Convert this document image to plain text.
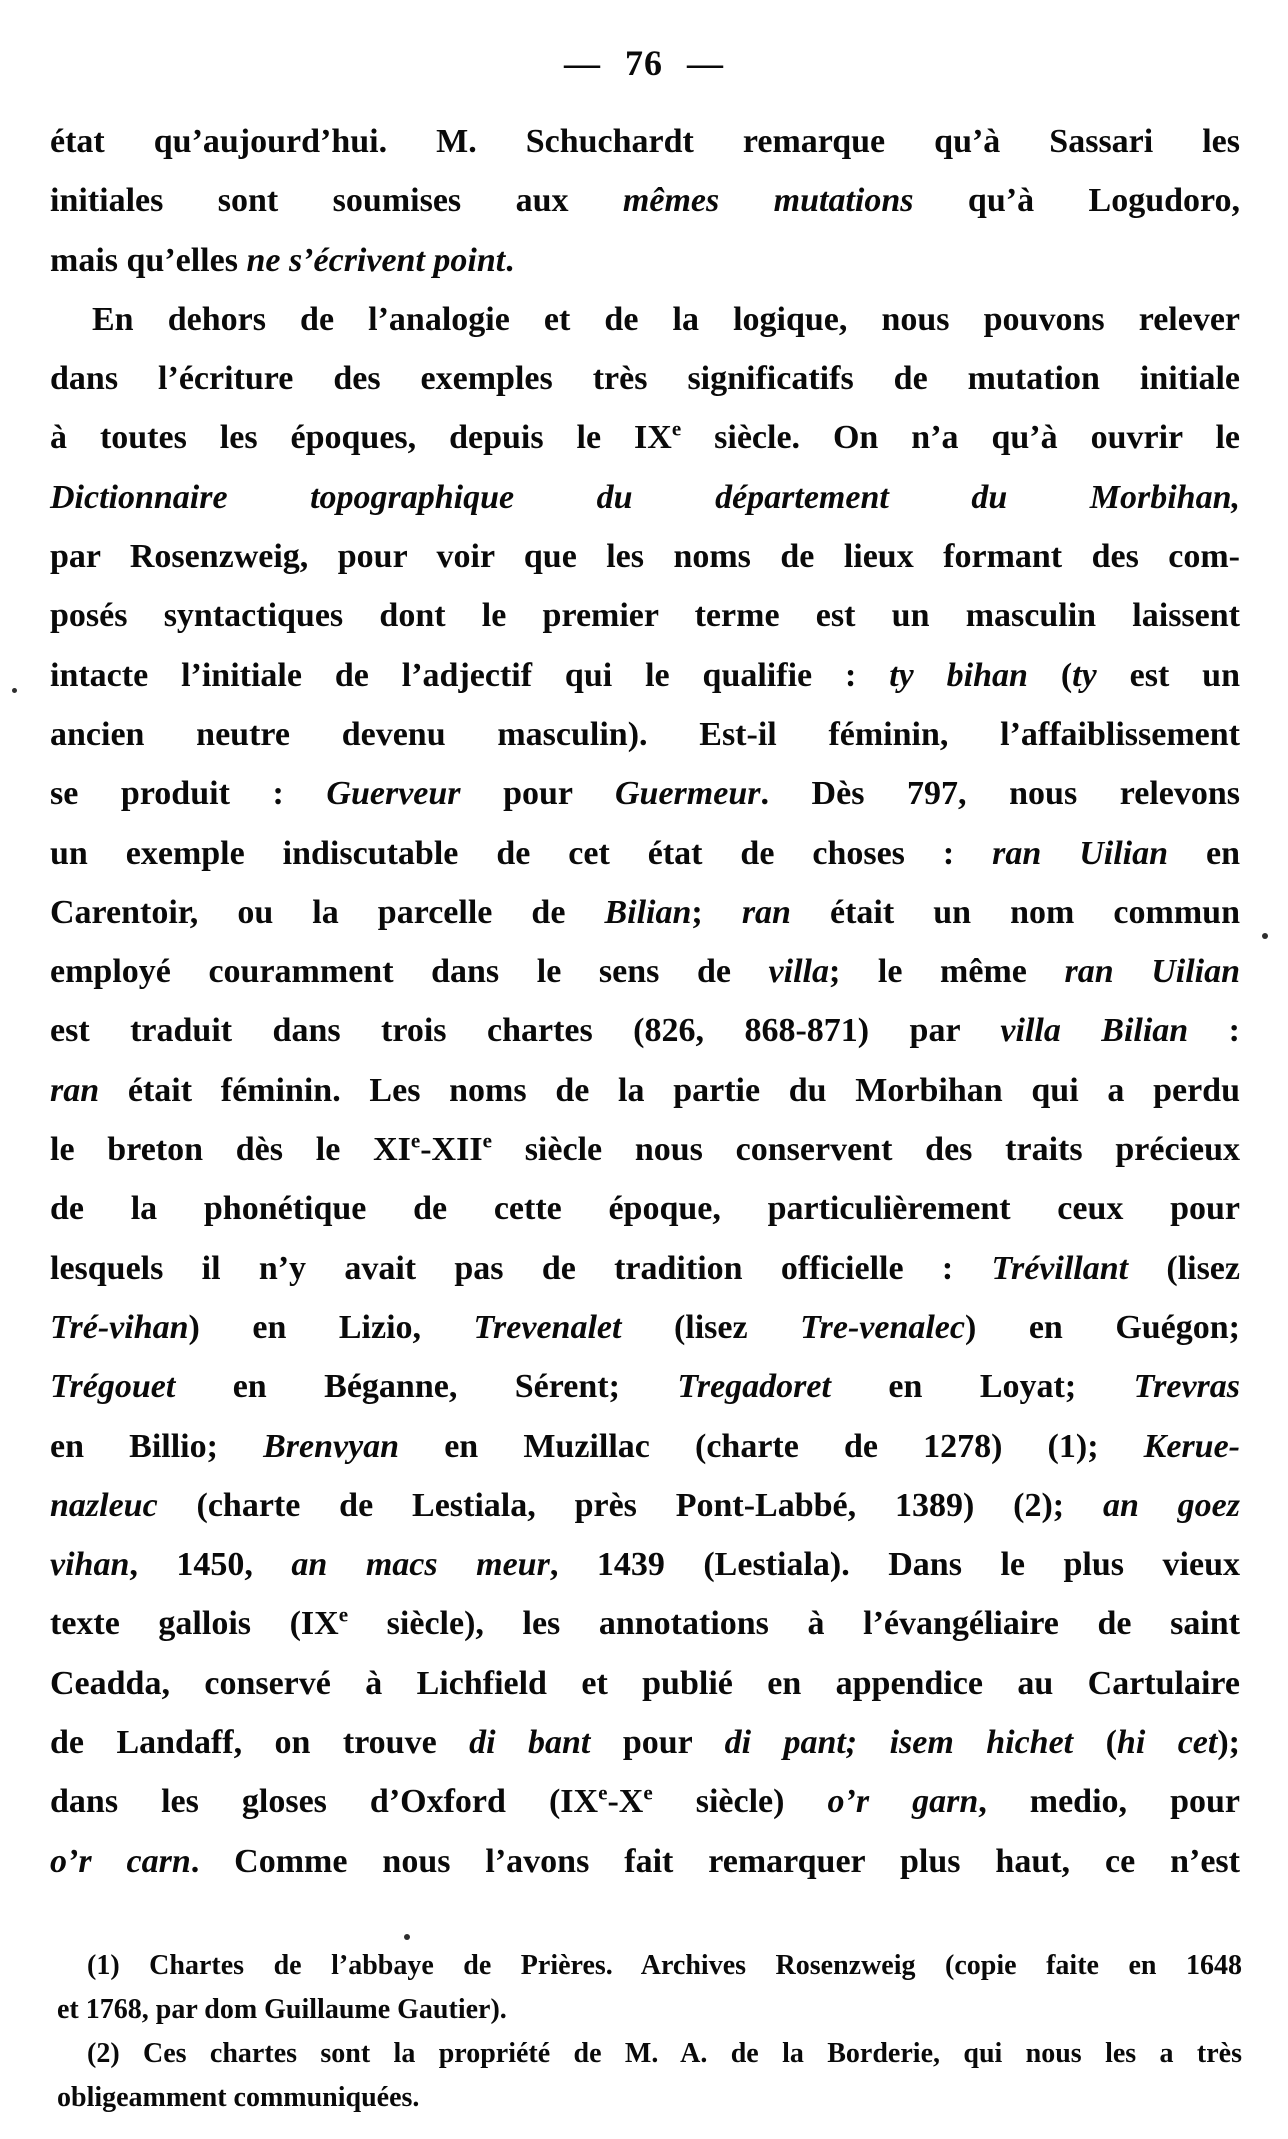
— 76 —
état qu’aujourd’hui. M. Schuchardt remarque qu’à Sassari les
initiales sont soumises aux mêmes mutations qu’à Logudoro,
mais qu’elles ne s’écrivent point.
En dehors de l’analogie et de la logique, nous pouvons relever
dans l’écriture des exemples très significatifs de mutation initiale
à toutes les époques, depuis le IXe siècle. On n’a qu’à ouvrir le
Dictionnaire topographique du département du Morbihan,
par Rosenzweig, pour voir que les noms de lieux formant des com-
posés syntactiques dont le premier terme est un masculin laissent
intacte l’initiale de l’adjectif qui le qualifie : ty bihan (ty est un
ancien neutre devenu masculin). Est-il féminin, l’affaiblissement
se produit : Guerveur pour Guermeur. Dès 797, nous relevons
un exemple indiscutable de cet état de choses : ran Uilian en
Carentoir, ou la parcelle de Bilian; ran était un nom commun
employé couramment dans le sens de villa; le même ran Uilian
est traduit dans trois chartes (826, 868-871) par villa Bilian :
ran était féminin. Les noms de la partie du Morbihan qui a perdu
le breton dès le XIe-XIIe siècle nous conservent des traits précieux
de la phonétique de cette époque, particulièrement ceux pour
lesquels il n’y avait pas de tradition officielle : Trévillant (lisez
Tré-vihan) en Lizio, Trevenalet (lisez Tre-venalec) en Guégon;
Trégouet en Béganne, Sérent; Tregadoret en Loyat; Trevras
en Billio; Brenvyan en Muzillac (charte de 1278) (1); Kerue-
nazleuc (charte de Lestiala, près Pont-Labbé, 1389) (2); an goez
vihan, 1450, an macs meur, 1439 (Lestiala). Dans le plus vieux
texte gallois (IXe siècle), les annotations à l’évangéliaire de saint
Ceadda, conservé à Lichfield et publié en appendice au Cartulaire
de Landaff, on trouve di bant pour di pant; isem hichet (hi cet);
dans les gloses d’Oxford (IXe-Xe siècle) o’r garn, medio, pour
o’r carn. Comme nous l’avons fait remarquer plus haut, ce n’est
(1) Chartes de l’abbaye de Prières. Archives Rosenzweig (copie faite en 1648
et 1768, par dom Guillaume Gautier).
(2) Ces chartes sont la propriété de M. A. de la Borderie, qui nous les a très
obligeamment communiquées.
